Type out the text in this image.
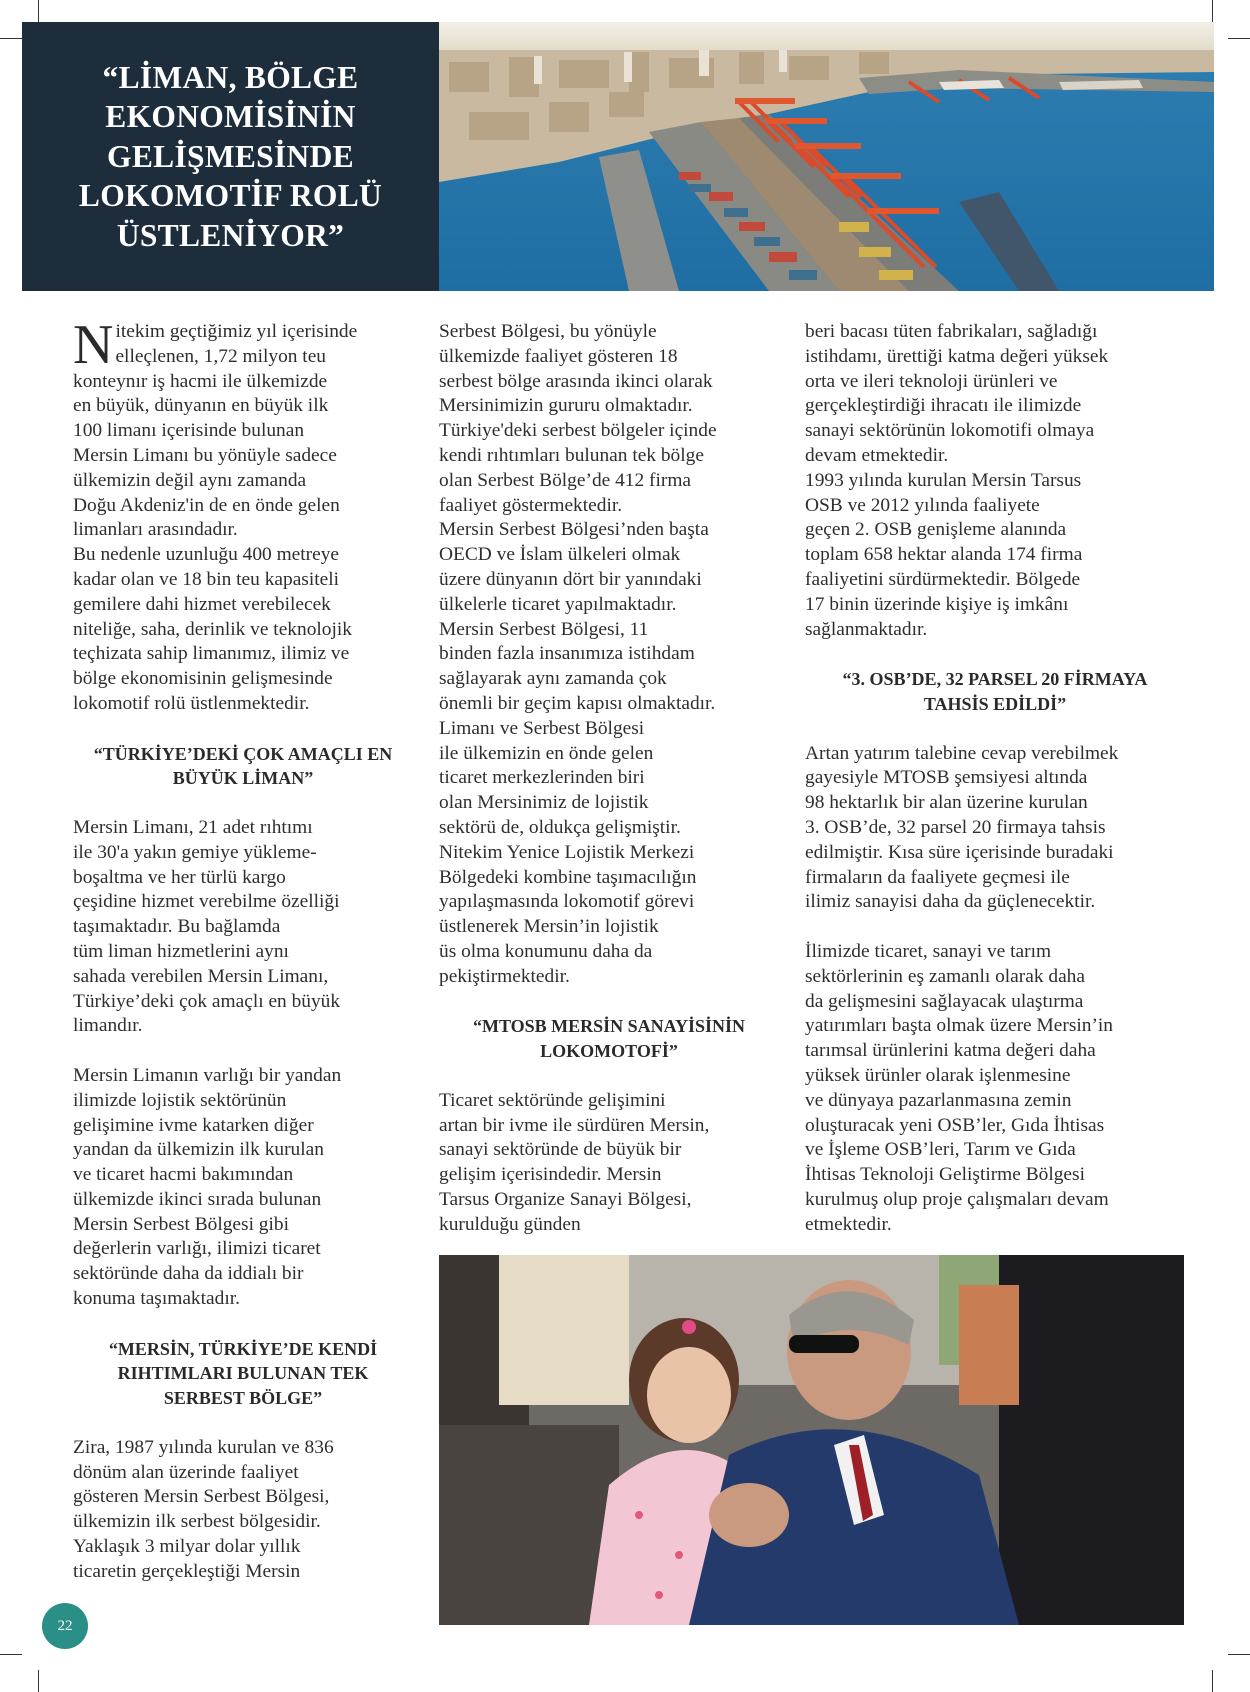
“LİMAN, BÖLGE
EKONOMİSİNİN
GELİŞMESİNDE
LOKOMOTİF ROLÜ
ÜSTLENİYOR”

N itekim geçtiğimiz yıl içerisinde
elleçlenen, 1,72 milyon teu
konteynır iş hacmi ile ülkemizde
en büyük, dünyanın en büyük ilk
100 limanı içerisinde bulunan
Mersin Limanı bu yönüyle sadece
ülkemizin değil aynı zamanda
Doğu Akdeniz'in de en önde gelen
limanları arasındadır.
Bu nedenle uzunluğu 400 metreye
kadar olan ve 18 bin teu kapasiteli
gemilere dahi hizmet verebilecek
niteliğe, saha, derinlik ve teknolojik
teçhizata sahip limanımız, ilimiz ve
bölge ekonomisinin gelişmesinde
lokomotif rolü üstlenmektedir.

“TÜRKİYE’DEKİ ÇOK AMAÇLI EN
BÜYÜK LİMAN”

Mersin Limanı, 21 adet rıhtımı
ile 30'a yakın gemiye yükleme-
boşaltma ve her türlü kargo
çeşidine hizmet verebilme özelliği
taşımaktadır. Bu bağlamda
tüm liman hizmetlerini aynı
sahada verebilen Mersin Limanı,
Türkiye’deki çok amaçlı en büyük
limandır.

Mersin Limanın varlığı bir yandan
ilimizde lojistik sektörünün
gelişimine ivme katarken diğer
yandan da ülkemizin ilk kurulan
ve ticaret hacmi bakımından
ülkemizde ikinci sırada bulunan
Mersin Serbest Bölgesi gibi
değerlerin varlığı, ilimizi ticaret
sektöründe daha da iddialı bir
konuma taşımaktadır.

“MERSİN, TÜRKİYE’DE KENDİ
RIHTIMLARI BULUNAN TEK
SERBEST BÖLGE”

Zira, 1987 yılında kurulan ve 836
dönüm alan üzerinde faaliyet
gösteren Mersin Serbest Bölgesi,
ülkemizin ilk serbest bölgesidir.
Yaklaşık 3 milyar dolar yıllık
ticaretin gerçekleştiği Mersin

Serbest Bölgesi, bu yönüyle
ülkemizde faaliyet gösteren 18
serbest bölge arasında ikinci olarak
Mersinimizin gururu olmaktadır.
Türkiye'deki serbest bölgeler içinde
kendi rıhtımları bulunan tek bölge
olan Serbest Bölge’de 412 firma
faaliyet göstermektedir.
Mersin Serbest Bölgesi’nden başta
OECD ve İslam ülkeleri olmak
üzere dünyanın dört bir yanındaki
ülkelerle ticaret yapılmaktadır.
Mersin Serbest Bölgesi, 11
binden fazla insanımıza istihdam
sağlayarak aynı zamanda çok
önemli bir geçim kapısı olmaktadır.
Limanı ve Serbest Bölgesi
ile ülkemizin en önde gelen
ticaret merkezlerinden biri
olan Mersinimiz de lojistik
sektörü de, oldukça gelişmiştir.
Nitekim Yenice Lojistik Merkezi
Bölgedeki kombine taşımacılığın
yapılaşmasında lokomotif görevi
üstlenerek Mersin’in lojistik
üs olma konumunu daha da
pekiştirmektedir.

“MTOSB MERSİN SANAYİSİNİN
LOKOMOTOFİ”

Ticaret sektöründe gelişimini
artan bir ivme ile sürdüren Mersin,
sanayi sektöründe de büyük bir
gelişim içerisindedir. Mersin
Tarsus Organize Sanayi Bölgesi,
kurulduğu günden

beri bacası tüten fabrikaları, sağladığı
istihdamı, ürettiği katma değeri yüksek
orta ve ileri teknoloji ürünleri ve
gerçekleştirdiği ihracatı ile ilimizde
sanayi sektörünün lokomotifi olmaya
devam etmektedir.
1993 yılında kurulan Mersin Tarsus
OSB ve 2012 yılında faaliyete
geçen 2. OSB genişleme alanında
toplam 658 hektar alanda 174 firma
faaliyetini sürdürmektedir. Bölgede
17 binin üzerinde kişiye iş imkânı
sağlanmaktadır.

“3. OSB’DE, 32 PARSEL 20 FİRMAYA
TAHSİS EDİLDİ”

Artan yatırım talebine cevap verebilmek
gayesiyle MTOSB şemsiyesi altında
98 hektarlık bir alan üzerine kurulan
3. OSB’de, 32 parsel 20 firmaya tahsis
edilmiştir. Kısa süre içerisinde buradaki
firmaların da faaliyete geçmesi ile
ilimiz sanayisi daha da güçlenecektir.

İlimizde ticaret, sanayi ve tarım
sektörlerinin eş zamanlı olarak daha
da gelişmesini sağlayacak ulaştırma
yatırımları başta olmak üzere Mersin’in
tarımsal ürünlerini katma değeri daha
yüksek ürünler olarak işlenmesine
ve dünyaya pazarlanmasına zemin
oluşturacak yeni OSB’ler, Gıda İhtisas
ve İşleme OSB’leri, Tarım ve Gıda
İhtisas Teknoloji Geliştirme Bölgesi
kurulmuş olup proje çalışmaları devam
etmektedir.

22
